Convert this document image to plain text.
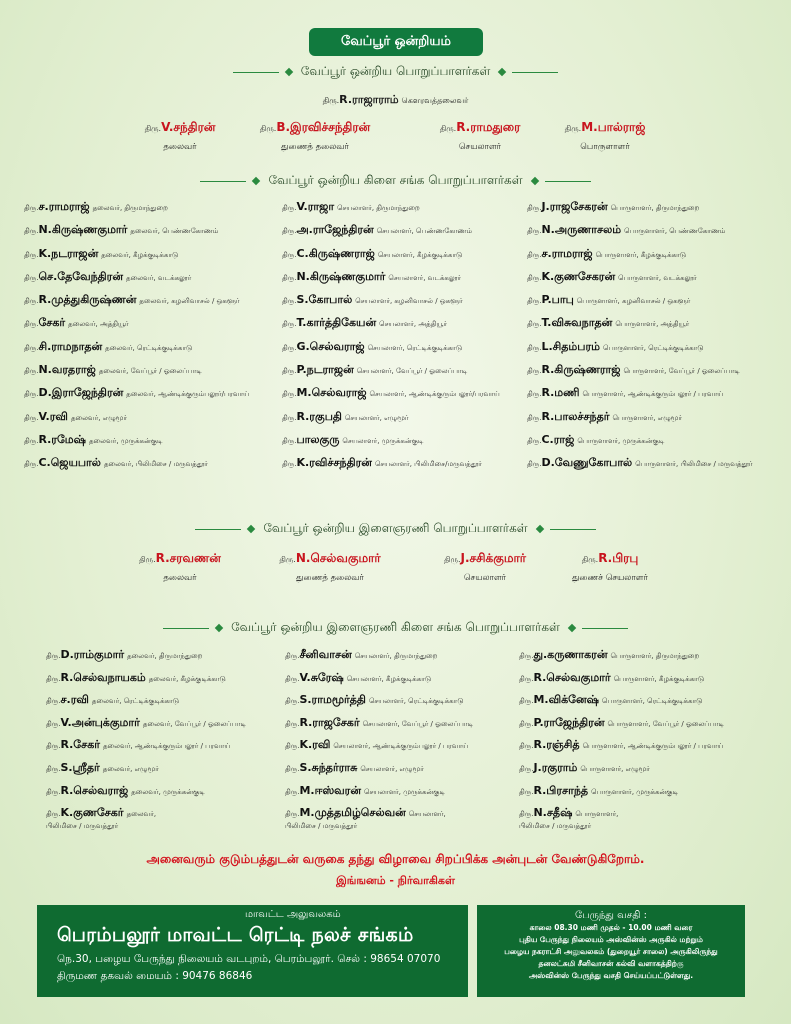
வேப்பூர் ஒன்றியம்
வேப்பூர் ஒன்றிய பொறுப்பாளர்கள்
திரு.R.ராஜாராம் கௌரவத்தலைவர்
திரு.V.சந்திரன்
தலைவர்
திரு.B.இரவிச்சந்திரன்
துணைத் தலைவர்
திரு.R.ராமதுரை
செயலாளர்
திரு.M.பால்ராஜ்
பொருளாளர்
வேப்பூர் ஒன்றிய கிளை சங்க பொறுப்பாளர்கள்
திரு.ச.ராமராஜ் தலைவர், திருமாந்துறை
திரு.N.கிருஷ்ணகுமார் தலைவர், பெண்ணகோணம்
திரு.K.நடராஜன் தலைவர், கீழக்குடிக்காடு
திரு.செ.தேவேந்திரன் தலைவர், வடக்கலூர்
திரு.R.முத்துகிருஷ்ணன் தலைவர், கழனிவாசல் / ஒகளூர்
திரு.சேகர் தலைவர், அத்தியூர்
திரு.சி.ராமநாதன் தலைவர், ரெட்டிக்குடிக்காடு
திரு.N.வரதராஜ் தலைவர், வேப்பூர் / ஓலைப்பாடி
திரு.D.இராஜேந்திரன் தலைவர், ஆண்டிக்குரும்பலூர்/பரவாய்
திரு.V.ரவி தலைவர், எழுமூர்
திரு.R.ரமேஷ் தலைவர், முருக்கன்குடி
திரு.C.ஜெயபால் தலைவர், பிலிமிசை / மருவத்தூர்
திரு.V.ராஜா செயலாளர், திருமாந்துறை
திரு.அ.ராஜேந்திரன் செயலாளர், பெண்ணகோணம்
திரு.C.கிருஷ்ணராஜ் செயலாளர், கீழக்குடிக்காடு
திரு.N.கிருஷ்ணகுமார் செயலாளர், வடக்கலூர்
திரு.S.கோபால் செயலாளர், கழனிவாசல் / ஒகளூர்
திரு.T.கார்த்திகேயன் செயலாளர், அத்தியூர்
திரு.G.செல்வராஜ் செயலாளர், ரெட்டிக்குடிக்காடு
திரு.P.நடராஜன் செயலாளர், வேப்பூர் / ஓலைப்பாடி
திரு.M.செல்வராஜ் செயலாளர், ஆண்டிக்குரும்பலூர்/பரவாய்
திரு.R.ரகுபதி செயலாளர், எழுமூர்
திரு.பாலகுரு செயலாளர், முருக்கன்குடி
திரு.K.ரவிச்சந்திரன் செயலாளர், பிலிமிசை/மருவத்தூர்
திரு.J.ராஜசேகரன் பொருளாளர், திருமாந்துறை
திரு.N.அருணாசலம் பொருளாளர், பெண்ணகோணம்
திரு.ச.ராமராஜ் பொருளாளர், கீழக்குடிக்காடு
திரு.K.குணசேகரன் பொருளாளர், வடக்கலூர்
திரு.P.பாபு பொருளாளர், கழனிவாசல் / ஒகளூர்
திரு.T.விசுவநாதன் பொருளாளர், அத்தியூர்
திரு.L.சிதம்பரம் பொருளாளர், ரெட்டிக்குடிக்காடு
திரு.R.கிருஷ்ணராஜ் பொருளாளர், வேப்பூர் / ஓலைப்பாடி
திரு.R.மணி பொருளாளர், ஆண்டிக்குரும்பலூர் / பரவாய்
திரு.R.பாலச்சந்தர் பொருளாளர், எழுமூர்
திரு.C.ராஜ் பொருளாளர், முருக்கன்குடி
திரு.D.வேணுகோபால் பொருளாளர், பிலிமிசை / மருவத்தூர்
வேப்பூர் ஒன்றிய இளைஞரணி பொறுப்பாளர்கள்
திரு.R.சரவணன்
தலைவர்
திரு.N.செல்வகுமார்
துணைத் தலைவர்
திரு.J.சசிக்குமார்
செயலாளர்
திரு.R.பிரபு
துணைச் செயலாளர்
வேப்பூர் ஒன்றிய இளைஞரணி கிளை சங்க பொறுப்பாளர்கள்
திரு.D.ராம்குமார் தலைவர், திருமாந்துறை
திரு.R.செல்வநாயகம் தலைவர், கீழக்குடிக்காடு
திரு.ச.ரவி தலைவர், ரெட்டிக்குடிக்காடு
திரு.V.அன்புக்குமார் தலைவர், வேப்பூர் / ஓலைப்பாடி
திரு.R.சேகர் தலைவர், ஆண்டிக்குரும்பலூர் / பரவாய்
திரு.S.ஸ்ரீதர் தலைவர், எழுமூர்
திரு.R.செல்வராஜ் தலைவர், முருக்கன்குடி
திரு.K.குணசேகர் தலைவர்,
பிலிமிசை / மருவத்தூர்
திரு.சீனிவாசன் செயலாளர், திருமாந்துறை
திரு.V.சுரேஷ் செயலாளர், கீழக்குடிக்காடு
திரு.S.ராமமூர்த்தி செயலாளர், ரெட்டிக்குடிக்காடு
திரு.R.ராஜசேகர் செயலாளர், வேப்பூர் / ஓலைப்பாடி
திரு.K.ரவி செயலாளர், ஆண்டிக்குரும்பலூர் / பரவாய்
திரு.S.சுந்தர்ராசு செயலாளர், எழுமூர்
திரு.M.ஈஸ்வரன் செயலாளர், முருக்கன்குடி
திரு.M.முத்தமிழ்செல்வன் செயலாளர்,
பிலிமிசை / மருவத்தூர்
திரு.து.கருணாகரன் பொருளாளர், திருமாந்துறை
திரு.R.செல்வகுமார் பொருளாளர், கீழக்குடிக்காடு
திரு.M.விக்னேஷ் பொருளாளர், ரெட்டிக்குடிக்காடு
திரு.P.ராஜேந்திரன் பொருளாளர், வேப்பூர் / ஓலைப்பாடி
திரு.R.ரஞ்சித் பொருளாளர், ஆண்டிக்குரும்பலூர் / பரவாய்
திரு.J.ரகுராம் பொருளாளர், எழுமூர்
திரு.R.பிரசாந்த் பொருளாளர், முருக்கன்குடி
திரு.N.சதீஷ் பொருளாளர்,
பிலிமிசை / மருவத்தூர்
அனைவரும் குடும்பத்துடன் வருகை தந்து விழாவை சிறப்பிக்க அன்புடன் வேண்டுகிறோம்.
இங்ஙனம் - நிர்வாகிகள்
மாவட்ட அலுவலகம்
பெரம்பலூர் மாவட்ட ரெட்டி நலச் சங்கம்
நெ.30, பழைய பேருந்து நிலையம் வடபுறம், பெரம்பலூர். செல் : 98654 07070
திருமண தகவல் மையம் : 90476 86846
பேருந்து வசதி :
காலை 08.30 மணி முதல் - 10.00 மணி வரை
புதிய பேருந்து நிலையம் அஸ்வின்ஸ் அருகில் மற்றும்
பழைய நகராட்சி அலுவலகம் (துறையூர் சாலை) அருகிலிருந்து
தனலட்சுமி சீனிவாசன் கல்வி வளாகத்திற்கு
அஸ்வின்ஸ் பேருந்து வசதி செய்யப்பட்டுள்ளது.
